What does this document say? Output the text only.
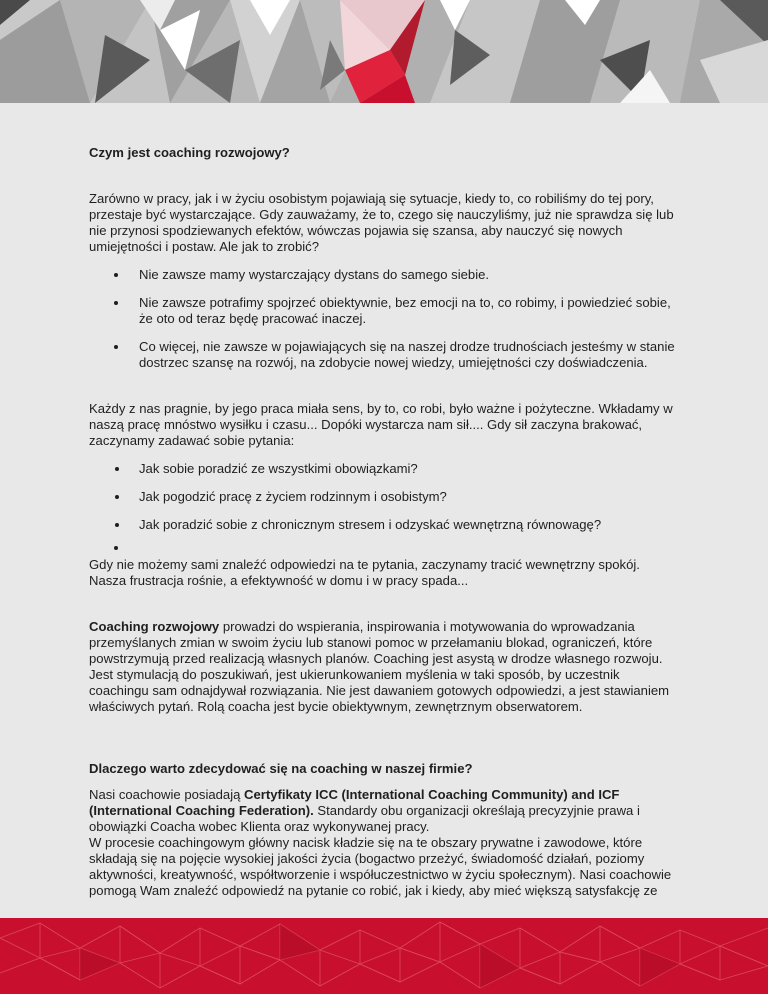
Czym jest coaching rozwojowy?

Zarówno w pracy, jak i w życiu osobistym pojawiają się sytuacje, kiedy to, co robiliśmy do tej pory, przestaje być wystarczające. Gdy zauważamy, że to, czego się nauczyliśmy, już nie sprawdza się lub nie przynosi spodziewanych efektów, wówczas pojawia się szansa, aby nauczyć się nowych umiejętności i postaw. Ale jak to zrobić?

Nie zawsze mamy wystarczający dystans do samego siebie.
Nie zawsze potrafimy spojrzeć obiektywnie, bez emocji na to, co robimy, i powiedzieć sobie, że oto od teraz będę pracować inaczej.
Co więcej, nie zawsze w pojawiających się na naszej drodze trudnościach jesteśmy w stanie dostrzec szansę na rozwój, na zdobycie nowej wiedzy, umiejętności czy doświadczenia.

Każdy z nas pragnie, by jego praca miała sens, by to, co robi, było ważne i pożyteczne. Wkładamy w naszą pracę mnóstwo wysiłku i czasu... Dopóki wystarcza nam sił.... Gdy sił zaczyna brakować, zaczynamy zadawać sobie pytania:

Jak sobie poradzić ze wszystkimi obowiązkami?
Jak pogodzić pracę z życiem rodzinnym i osobistym?
Jak poradzić sobie z chronicznym stresem i odzyskać wewnętrzną równowagę?

Gdy nie możemy sami znaleźć odpowiedzi na te pytania, zaczynamy tracić wewnętrzny spokój. Nasza frustracja rośnie, a efektywność w domu i w pracy spada...

Coaching rozwojowy prowadzi do wspierania, inspirowania i motywowania do wprowadzania przemyślanych zmian w swoim życiu lub stanowi pomoc w przełamaniu blokad, ograniczeń, które powstrzymują przed realizacją własnych planów. Coaching jest asystą w drodze własnego rozwoju. Jest stymulacją do poszukiwań, jest ukierunkowaniem myślenia w taki sposób, by uczestnik coachingu sam odnajdywał rozwiązania. Nie jest dawaniem gotowych odpowiedzi, a jest stawianiem właściwych pytań. Rolą coacha jest bycie obiektywnym, zewnętrznym obserwatorem.

Dlaczego warto zdecydować się na coaching w naszej firmie?

Nasi coachowie posiadają Certyfikaty ICC (International Coaching Community) and ICF (International Coaching Federation). Standardy obu organizacji określają precyzyjnie prawa i obowiązki Coacha wobec Klienta oraz wykonywanej pracy.

W procesie coachingowym główny nacisk kładzie się na te obszary prywatne i zawodowe, które składają się na pojęcie wysokiej jakości życia (bogactwo przeżyć, świadomość działań, poziomy aktywności, kreatywność, współtworzenie i współuczestnictwo w życiu społecznym). Nasi coachowie pomogą Wam znaleźć odpowiedź na pytanie co robić, jak i kiedy, aby mieć większą satysfakcję ze
